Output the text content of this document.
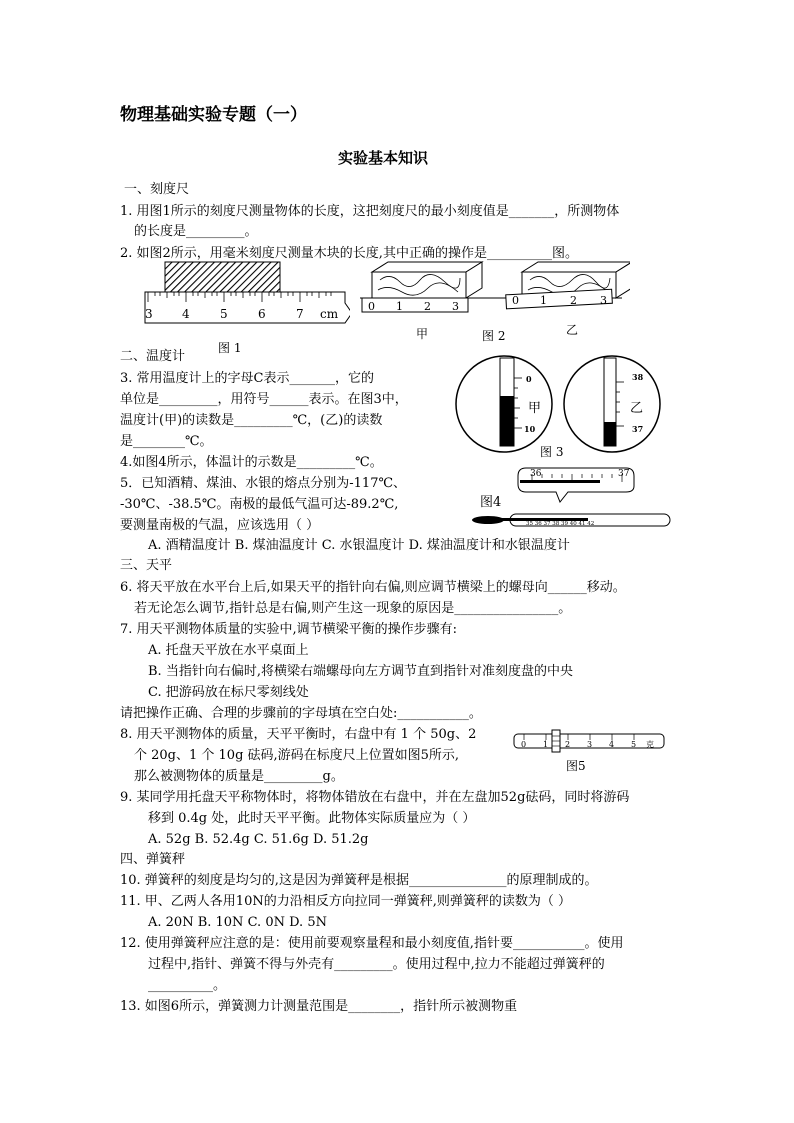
物理基础实验专题（一）
实验基本知识
一、刻度尺
1. 用图1所示的刻度尺测量物体的长度，这把刻度尺的最小刻度值是_______，所测物体
的长度是_________。
2. 如图2所示，用毫米刻度尺测量木块的长度,其中正确的操作是__________图。
3 4	5	6	7 cm
图 1
0 1 2 3
甲	图 2
0 1 2 3
乙
二、温度计
3. 常用温度计上的字母C表示_______，它的
单位是_________，用符号______表示。在图3中，
温度计(甲)的读数是_________℃，(乙)的读数
是________℃。
0
10
甲
38
37
乙
图 3
4.如图4所示，体温计的示数是_________℃。
5．已知酒精、煤油、水银的熔点分别为-117℃、
-30℃、-38.5℃。南极的最低气温可达-89.2℃,
要测量南极的气温，应该选用（ ）
36	37
图4
35 36 37 38 39 40 41 42
A. 酒精温度计 B. 煤油温度计 C. 水银温度计 D. 煤油温度计和水银温度计
三、天平
6. 将天平放在水平台上后,如果天平的指针向右偏,则应调节横梁上的螺母向______移动。
若无论怎么调节,指针总是右偏,则产生这一现象的原因是________________。
7. 用天平测物体质量的实验中,调节横梁平衡的操作步骤有:
A. 托盘天平放在水平桌面上
B. 当指针向右偏时,将横梁右端螺母向左方调节直到指针对准刻度盘的中央
C. 把游码放在标尺零刻线处
请把操作正确、合理的步骤前的字母填在空白处:___________。
8. 用天平测物体的质量，天平平衡时，右盘中有 1 个 50g、2
个 20g、1 个 10g 砝码,游码在标度尺上位置如图5所示,
那么被测物体的质量是_________g。
0 1 2 3 4 5 克
图5
9. 某同学用托盘天平称物体时，将物体错放在右盘中，并在左盘加52g砝码，同时将游码
移到 0.4g 处，此时天平平衡。此物体实际质量应为（ ）
A. 52g B. 52.4g C. 51.6g D. 51.2g
四、弹簧秤
10. 弹簧秤的刻度是均匀的,这是因为弹簧秤是根据_______________的原理制成的。
11. 甲、乙两人各用10N的力沿相反方向拉同一弹簧秤,则弹簧秤的读数为（ ）
A. 20N B. 10N C. 0N D. 5N
12. 使用弹簧秤应注意的是：使用前要观察量程和最小刻度值,指针要___________。使用
过程中,指针、弹簧不得与外壳有_________。使用过程中,拉力不能超过弹簧秤的
__________。
13. 如图6所示，弹簧测力计测量范围是________，指针所示被测物重
